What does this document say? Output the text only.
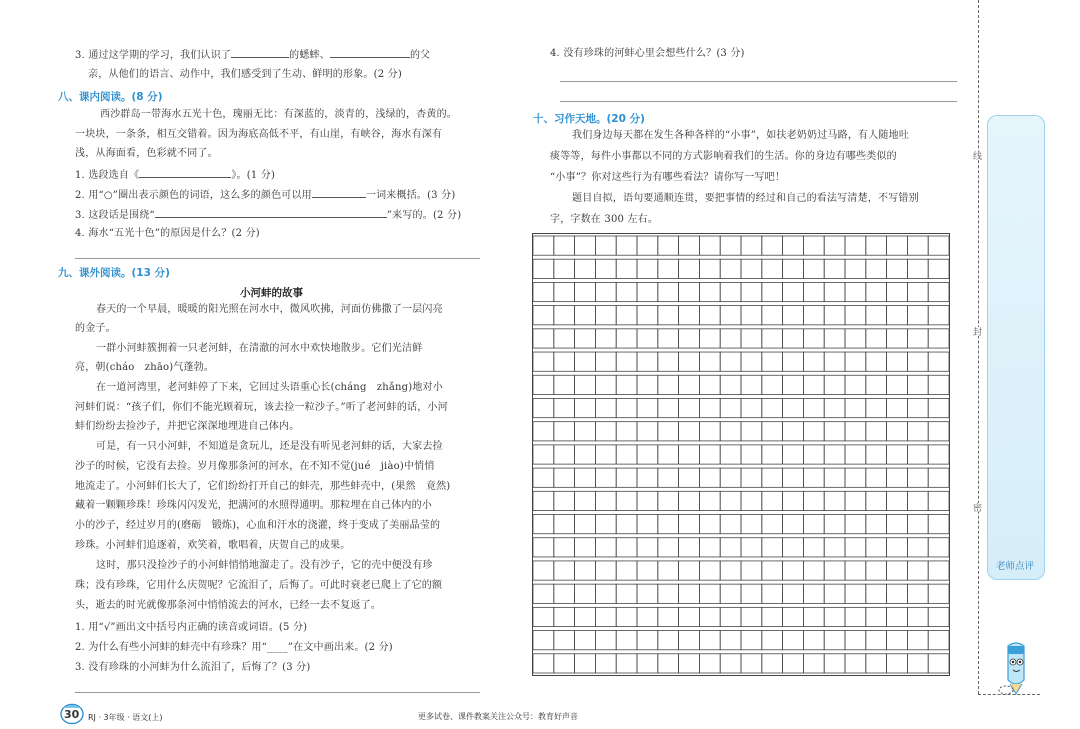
3. 通过这学期的学习，我们认识了	的蟋蟀、	的父
亲，从他们的语言、动作中，我们感受到了生动、鲜明的形象。(2 分)
八、课内阅读。(8 分)
西沙群岛一带海水五光十色，瑰丽无比：有深蓝的，淡青的，浅绿的，杏黄的。
一块块，一条条，相互交错着。因为海底高低不平，有山崖，有峡谷，海水有深有
浅，从海面看，色彩就不同了。
1. 选段选自《	》。(1 分)
2. 用“○”圈出表示颜色的词语，这么多的颜色可以用	一词来概括。(3 分)
3. 这段话是围绕“	”来写的。(2 分)
4. 海水“五光十色”的原因是什么？(2 分)
九、课外阅读。(13 分)
小河蚌的故事
春天的一个早晨，暖暖的阳光照在河水中，微风吹拂，河面仿佛撒了一层闪亮
的金子。
一群小河蚌簇拥着一只老河蚌，在清澈的河水中欢快地散步。它们光洁鲜
亮，朝(cháo　zhāo)气蓬勃。
在一道河湾里，老河蚌停了下来，它回过头语重心长(cháng　zhǎng)地对小
河蚌们说：“孩子们，你们不能光顾着玩，该去捡一粒沙子。”听了老河蚌的话，小河
蚌们纷纷去捡沙子，并把它深深地埋进自己体内。
可是，有一只小河蚌，不知道是贪玩儿，还是没有听见老河蚌的话，大家去捡
沙子的时候，它没有去捡。岁月像那条河的河水，在不知不觉(jué　jiào)中悄悄
地流走了。小河蚌们长大了，它们纷纷打开自己的蚌壳，那些蚌壳中，(果然　竟然)
藏着一颗颗珍珠！珍珠闪闪发光，把满河的水照得通明。那粒埋在自己体内的小
小的沙子，经过岁月的(磨砺　锻炼)，心血和汗水的浇灌，终于变成了美丽晶莹的
珍珠。小河蚌们追逐着，欢笑着，歌唱着，庆贺自己的成果。
这时，那只没捡沙子的小河蚌悄悄地溜走了。没有沙子，它的壳中便没有珍
珠；没有珍珠，它用什么庆贺呢？它流泪了，后悔了。可此时衰老已爬上了它的额
头，逝去的时光就像那条河中悄悄流去的河水，已经一去不复返了。
1. 用“√”画出文中括号内正确的读音或词语。(5 分)
2. 为什么有些小河蚌的蚌壳中有珍珠？用“____”在文中画出来。(2 分)
3. 没有珍珠的小河蚌为什么流泪了，后悔了？(3 分)
4. 没有珍珠的河蚌心里会想些什么？(3 分)
十、习作天地。(20 分)
我们身边每天都在发生各种各样的“小事”，如扶老奶奶过马路，有人随地吐
痰等等，每件小事都以不同的方式影响着我们的生活。你的身边有哪些类似的
“小事”？你对这些行为有哪些看法？请你写一写吧！
题目自拟，语句要通顺连贯，要把事情的经过和自己的看法写清楚，不写错别
字，字数在 300 左右。
线
封
密
老师点评
30 RJ · 3年级 · 语文(上)	更多试卷、课件教案关注公众号：教育好声音
